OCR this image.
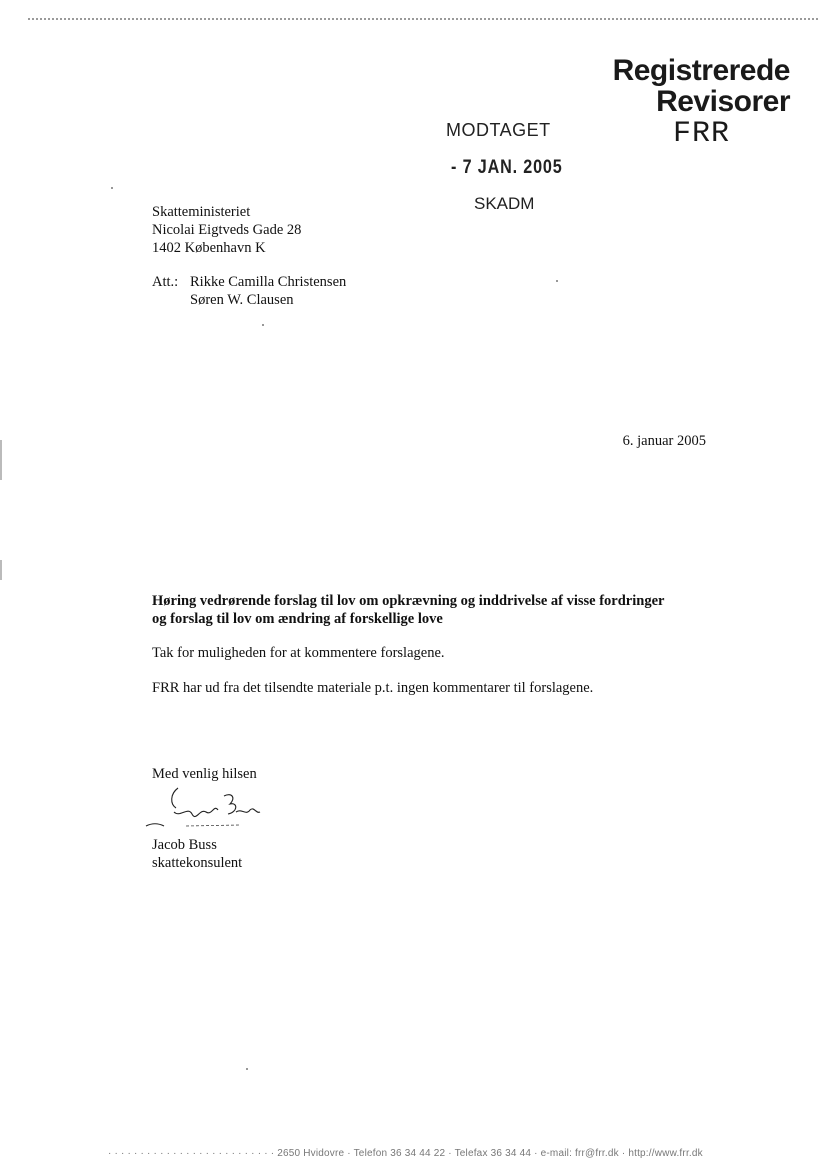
Registrerede
Revisorer
FRR
MODTAGET
- 7 JAN. 2005
SKADM
Skatteministeriet
Nicolai Eigtveds Gade 28
1402 København K
Att.: Rikke Camilla Christensen
Søren W. Clausen
6. januar 2005
Høring vedrørende forslag til lov om opkrævning og inddrivelse af visse fordringer
og forslag til lov om ændring af forskellige love
Tak for muligheden for at kommentere forslagene.
FRR har ud fra det tilsendte materiale p.t. ingen kommentarer til forslagene.
Med venlig hilsen
Jacob Buss
skattekonsulent
· · · · · · · · · · · · · · · · · · · · · · · · · · 2650 Hvidovre · Telefon 36 34 44 22 · Telefax 36 34 44 · e-mail: frr@frr.dk · http://www.frr.dk
